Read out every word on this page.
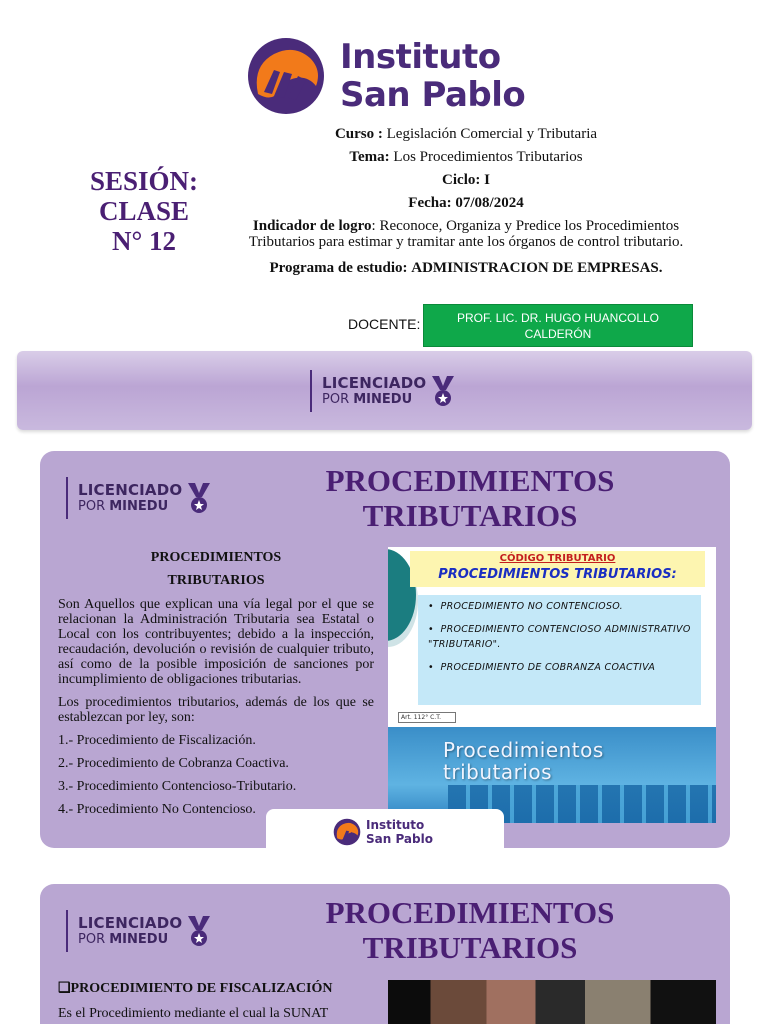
Instituto
San Pablo
SESIÓN:
CLASE
N° 12
Curso : Legislación Comercial y Tributaria
Tema: Los Procedimientos Tributarios
Ciclo: I
Fecha: 07/08/2024
Indicador de logro: Reconoce, Organiza y Predice los Procedimientos Tributarios para estimar y tramitar ante los órganos de control tributario.
Programa de estudio: ADMINISTRACION DE EMPRESAS.
DOCENTE:	PROF. LIC. DR. HUGO HUANCOLLO CALDERÓN
LICENCIADO
POR MINEDU
LICENCIADO
POR MINEDU
PROCEDIMIENTOS
TRIBUTARIOS
PROCEDIMIENTOS
TRIBUTARIOS

Son Aquellos que explican una vía legal por el que se relacionan la Administración Tributaria sea Estatal o Local con los contribuyentes; debido a la inspección, recaudación, devolución o revisión de cualquier tributo, así como de la posible imposición de sanciones por incumplimiento de obligaciones tributarias.

Los procedimientos tributarios, además de los que se establezcan por ley, son:

1.- Procedimiento de Fiscalización.
2.- Procedimiento de Cobranza Coactiva.
3.- Procedimiento Contencioso-Tributario.
4.- Procedimiento No Contencioso.
CÓDIGO TRIBUTARIO
PROCEDIMIENTOS TRIBUTARIOS:
•  PROCEDIMIENTO NO CONTENCIOSO.
•  PROCEDIMIENTO CONTENCIOSO ADMINISTRATIVO "TRIBUTARIO".
•  PROCEDIMIENTO DE COBRANZA COACTIVA
Art. 112° C.T.
Procedimientos
tributarios
Instituto
San Pablo
LICENCIADO
POR MINEDU
PROCEDIMIENTOS
TRIBUTARIOS
❑PROCEDIMIENTO DE FISCALIZACIÓN
Es el Procedimiento mediante el cual la SUNAT
